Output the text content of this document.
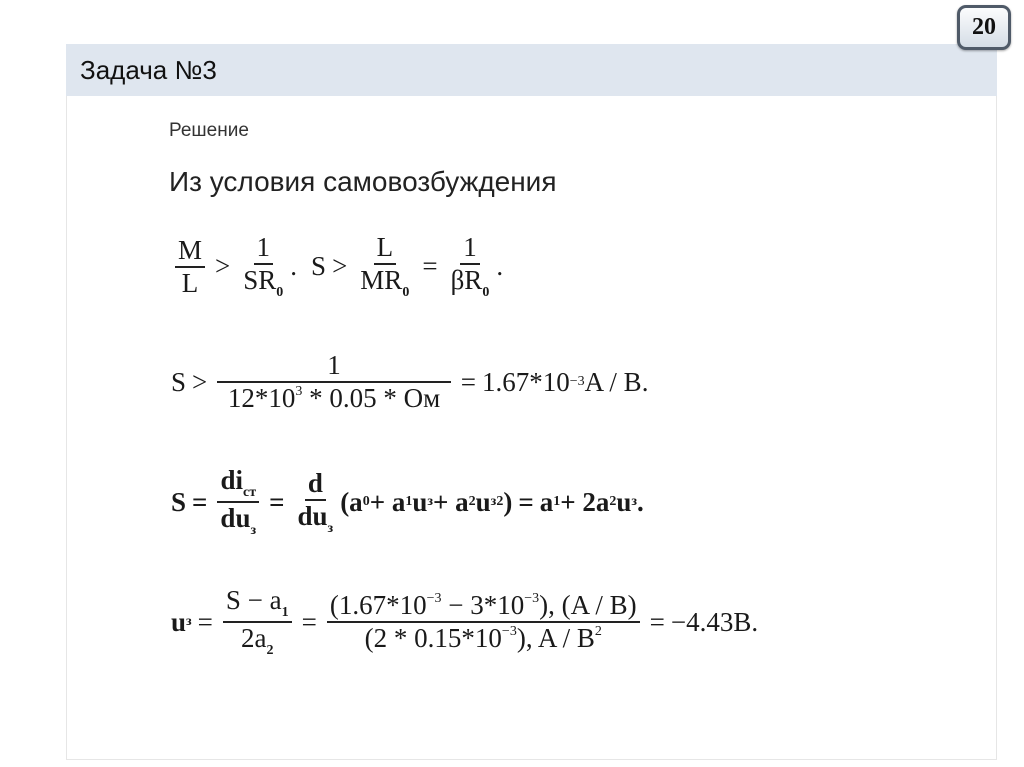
Задача №3
20
Решение
Из условия самовозбуждения
$\frac{M}{L} > \frac{1}{SR_0}$ . $S > \frac{L}{MR_0} = \frac{1}{\beta R_0}$ .
$S > \frac{1}{12*10^3 * 0.05 * Ом} = 1.67*10 -3$ A / B .
$S = \frac{di_{ст}}{du_з} = \frac{d}{du_з} (a$ 0 + a 1 u з + a 2 u з 2 ) = a 1 + 2a 2 u з .
u $з = \frac{S - a_1}{2a_2} = \frac{(1.67*10^{-3} - 3*10^{-3}), (A / B)}{(2 * 0.15*10^{-3}), A / B^2} = -4.43В$.
